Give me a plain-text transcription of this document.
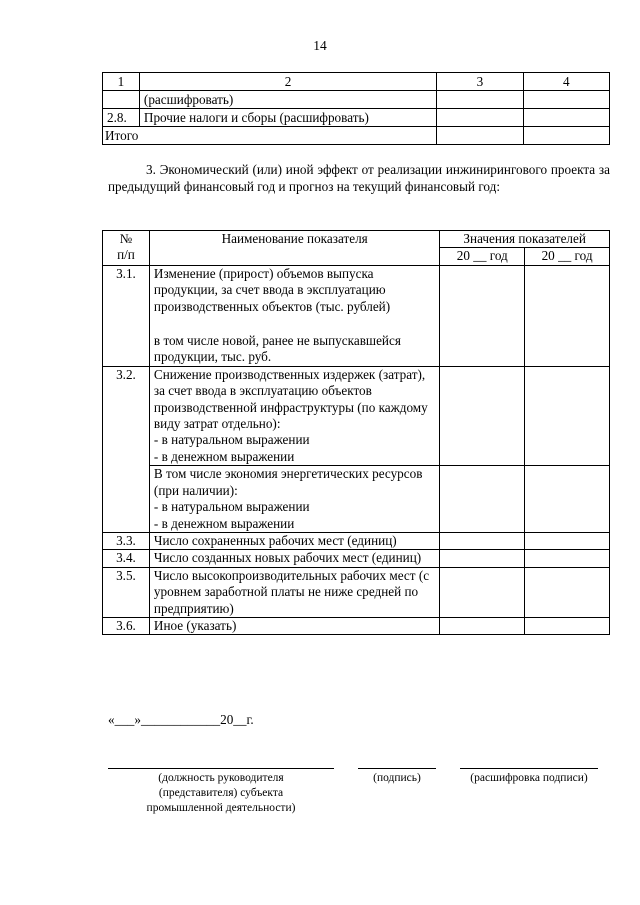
14
1	2	3	4
	(расшифровать)		
2.8.	Прочие налоги и сборы (расшифровать)		
Итого			
3. Экономический (или) иной эффект от реализации инжинирингового проекта за предыдущий финансовый год и прогноз на текущий финансовый год:
№
п/п	Наименование показателя	Значения показателей	
		20 __ год	20 __ год
3.1.	Изменение (прирост) объемов выпуска продукции, за счет ввода в эксплуатацию производственных объектов (тыс. рублей)
в том числе новой, ранее не выпускавшейся продукции, тыс. руб.		

3.2.	Снижение производственных издержек (затрат), за счет ввода в эксплуатацию объектов производственной инфраструктуры (по каждому виду затрат отдельно):
- в натуральном выражении
- в денежном выражении		

	В том числе экономия энергетических ресурсов (при наличии):
- в натуральном выражении
- в денежном выражении		

3.3.	Число сохраненных рабочих мест (единиц)		
3.4.	Число созданных новых рабочих мест (единиц)		
3.5.	Число высокопроизводительных рабочих мест (с уровнем заработной платы не ниже средней по предприятию)		
3.6.	Иное (указать)		
«___»____________20__г.
(должность руководителя
(представителя) субъекта
промышленной деятельности)
(подпись)	(расшифровка подписи)
